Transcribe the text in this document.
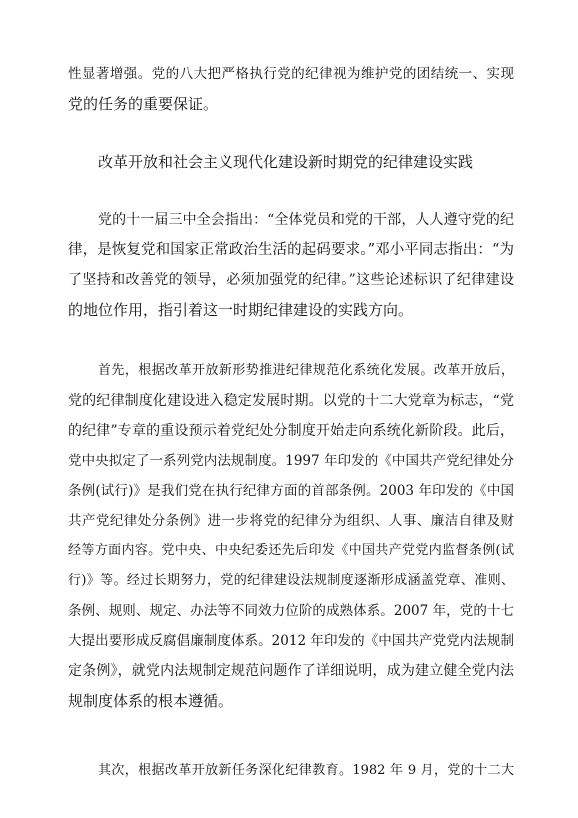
性显著增强。党的八大把严格执行党的纪律视为维护党的团结统一、实现
党的任务的重要保证。
改革开放和社会主义现代化建设新时期党的纪律建设实践
党的十一届三中全会指出：“全体党员和党的干部，人人遵守党的纪
律，是恢复党和国家正常政治生活的起码要求。”邓小平同志指出：“为
了坚持和改善党的领导，必须加强党的纪律。”这些论述标识了纪律建设
的地位作用，指引着这一时期纪律建设的实践方向。
首先，根据改革开放新形势推进纪律规范化系统化发展。改革开放后，
党的纪律制度化建设进入稳定发展时期。以党的十二大党章为标志，“党
的纪律”专章的重设预示着党纪处分制度开始走向系统化新阶段。此后，
党中央拟定了一系列党内法规制度。1997 年印发的《中国共产党纪律处分
条例(试行)》是我们党在执行纪律方面的首部条例。2003 年印发的《中国
共产党纪律处分条例》进一步将党的纪律分为组织、人事、廉洁自律及财
经等方面内容。党中央、中央纪委还先后印发《中国共产党党内监督条例(试
行)》等。经过长期努力，党的纪律建设法规制度逐渐形成涵盖党章、准则、
条例、规则、规定、办法等不同效力位阶的成熟体系。2007 年，党的十七
大提出要形成反腐倡廉制度体系。2012 年印发的《中国共产党党内法规制
定条例》，就党内法规制定规范问题作了详细说明，成为建立健全党内法
规制度体系的根本遵循。
其次，根据改革开放新任务深化纪律教育。1982 年 9 月，党的十二大
